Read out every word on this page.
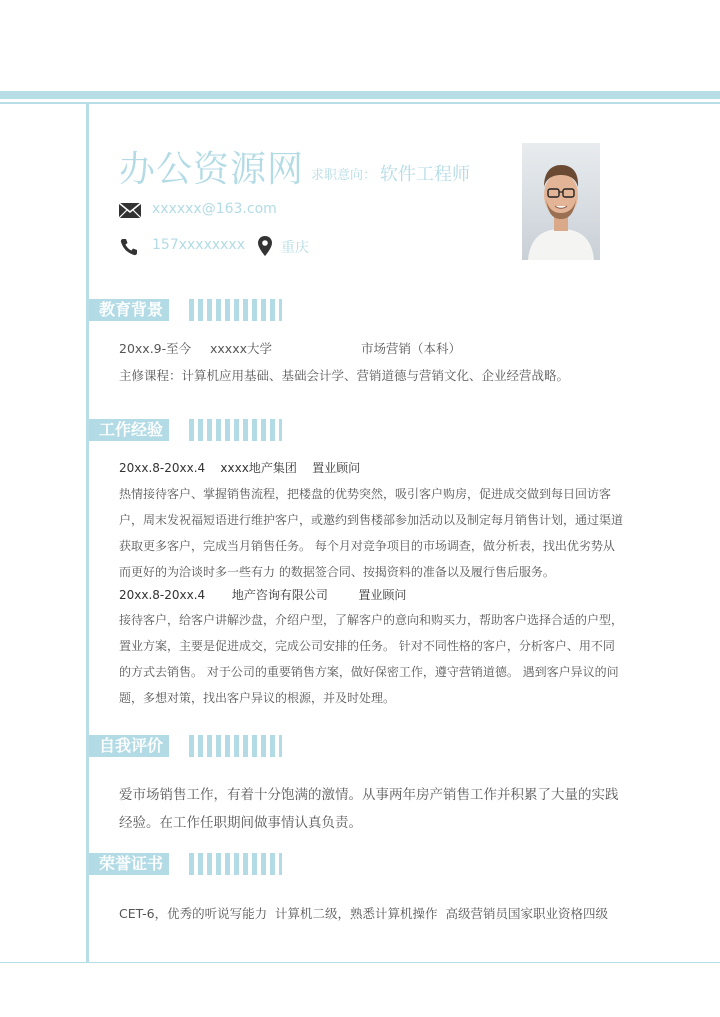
办公资源网 求职意向： 软件工程师
xxxxxx@163.com
157xxxxxxxx	重庆
教育背景
20xx.9-至今 xxxxx大学	市场营销（本科）
主修课程：计算机应用基础、基础会计学、营销道德与营销文化、企业经营战略。
工作经验
20xx.8-20xx.4    xxxx地产集团    置业顾问
热情接待客户、掌握销售流程，把楼盘的优势突然，吸引客户购房，促进成交做到每日回访客户，周末发祝福短语进行维护客户，或邀约到售楼部参加活动以及制定每月销售计划，通过渠道获取更多客户，完成当月销售任务。 每个月对竞争项目的市场调查，做分析表，找出优劣势从而更好的为洽谈时多一些有力 的数据签合同、按揭资料的准备以及履行售后服务。
20xx.8-20xx.4       地产咨询有限公司        置业顾问
接待客户，给客户讲解沙盘，介绍户型，了解客户的意向和购买力，帮助客户选择合适的户型，置业方案，主要是促进成交，完成公司安排的任务。 针对不同性格的客户，分析客户、用不同的方式去销售。 对于公司的重要销售方案，做好保密工作，遵守营销道德。 遇到客户异议的问题，多想对策，找出客户异议的根源，并及时处理。
自我评价
爱市场销售工作，有着十分饱满的激情。从事两年房产销售工作并积累了大量的实践经验。在工作任职期间做事情认真负责。
荣誉证书
CET-6，优秀的听说写能力  计算机二级，熟悉计算机操作  高级营销员国家职业资格四级
